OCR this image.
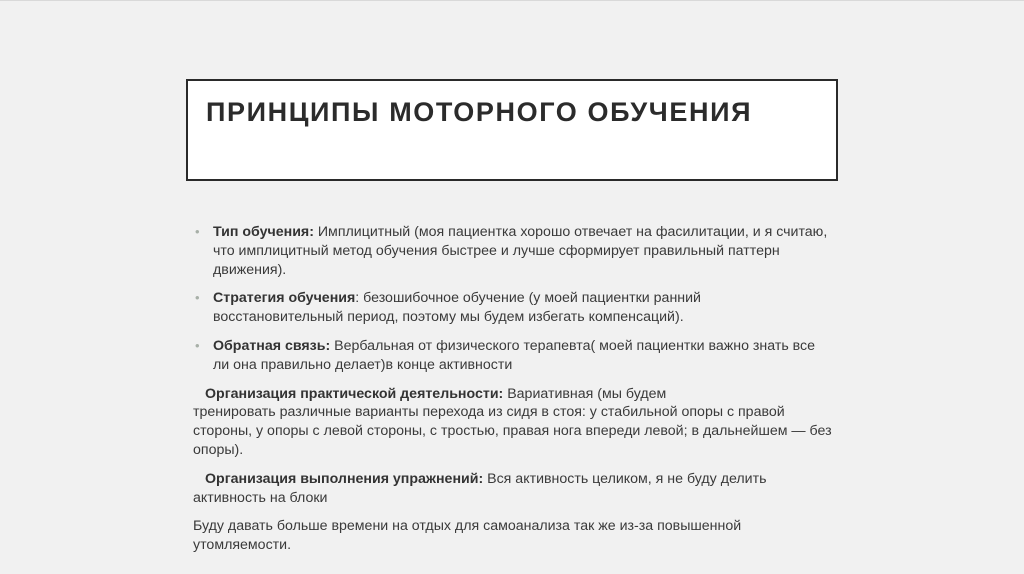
ПРИНЦИПЫ МОТОРНОГО ОБУЧЕНИЯ
• Тип обучения: Имплицитный (моя пациентка хорошо отвечает на фасилитации, и я считаю, что имплицитный метод обучения быстрее и лучше сформирует правильный паттерн движения).
• Стратегия обучения: безошибочное обучение (у моей пациентки ранний восстановительный период, поэтому мы будем избегать компенсаций).
• Обратная связь: Вербальная от физического терапевта( моей пациентки важно знать все ли она правильно делает)в конце активности
Организация практической деятельности: Вариативная (мы будем
тренировать различные варианты перехода из сидя в стоя: у стабильной опоры с правой стороны, у опоры с левой стороны, с тростью, правая нога впереди левой; в дальнейшем — без опоры).
Организация выполнения упражнений: Вся активность целиком, я не буду делить
активность на блоки
Буду давать больше времени на отдых для самоанализа так же из-за повышенной утомляемости.
